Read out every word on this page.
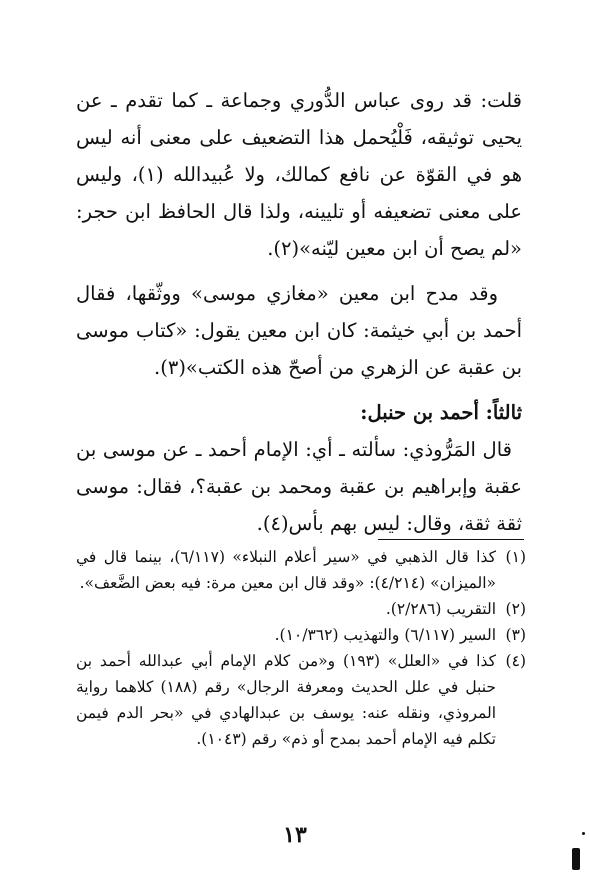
قلت: قد روى عباس الدُّوري وجماعة ـ كما تقدم ـ عن يحيى توثيقه، فَلْيُحمل هذا التضعيف على معنى أنه ليس هو في القوّة عن نافع كمالك، ولا عُبيدالله (١)، وليس على معنى تضعيفه أو تليينه، ولذا قال الحافظ ابن حجر: «لم يصح أن ابن معين ليّنه»(٢).

وقد مدح ابن معين «مغازي موسى» ووثّقها، فقال أحمد بن أبي خيثمة: كان ابن معين يقول: «كتاب موسى بن عقبة عن الزهري من أصحّ هذه الكتب»(٣).

ثالثاً: أحمد بن حنبل:

قال المَرُّوذي: سألته ـ أي: الإمام أحمد ـ عن موسى بن عقبة وإبراهيم بن عقبة ومحمد بن عقبة؟، فقال: موسى ثقة ثقة، وقال: ليس بهم بأس(٤).

(١)
كذا قال الذهبي في «سير أعلام النبلاء» (٦/١١٧)، بينما قال في «الميزان» (٤/٢١٤): «وقد قال ابن معين مرة: فيه بعض الضَّعف».
(٢)
التقريب (٢/٢٨٦).
(٣)
السير (٦/١١٧) والتهذيب (١٠/٣٦٢).
(٤)
كذا في «العلل» (١٩٣) و«من كلام الإمام أبي عبدالله أحمد بن حنبل في علل الحديث ومعرفة الرجال» رقم (١٨٨) كلاهما رواية المروذي، ونقله عنه: يوسف بن عبدالهادي في «بحر الدم فيمن تكلم فيه الإمام أحمد بمدح أو ذم» رقم (١٠٤٣).
١٣
